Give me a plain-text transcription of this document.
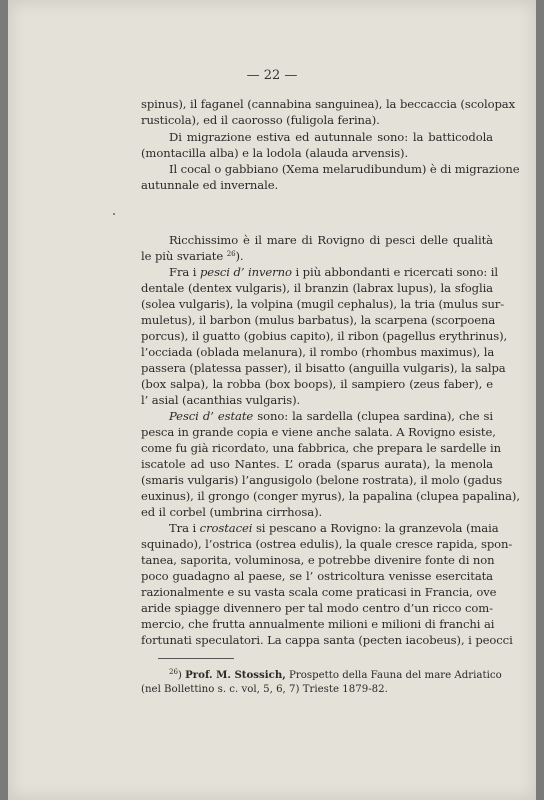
— 22 —
spinus), il faganel (cannabina sanguinea), la beccaccia (scolopax
rusticola), ed il caorosso (fuligola ferina).
Di migrazione estiva ed autunnale sono: la batticodola
(montacilla alba) e la lodola (alauda arvensis).
Il cocal o gabbiano (Xema melarudibundum) è di migrazione
autunnale ed invernale.
Ricchissimo è il mare di Rovigno di pesci delle qualità
le più svariate $^{26}$).
Fra i pesci d’ inverno i più abbondanti e ricercati sono: il
dentale (dentex vulgaris), il branzin (labrax lupus), la sfoglia
(solea vulgaris), la volpina (mugil cephalus), la tria (mulus sur-
muletus), il barbon (mulus barbatus), la scarpena (scorpoena
porcus), il guatto (gobius capito), il ribon (pagellus erythrinus),
l’occiada (oblada melanura), il rombo (rhombus maximus), la
passera (platessa passer), il bisatto (anguilla vulgaris), la salpa
(box salpa), la robba (box boops), il sampiero (zeus faber), e
l’ asial (acanthias vulgaris).
Pesci d’ estate sono: la sardella (clupea sardina), che si
pesca in grande copia e viene anche salata. A Rovigno esiste,
come fu già ricordato, una fabbrica, che prepara le sardelle in
iscatole ad uso Nantes. L’ orada (sparus aurata), la menola
(smaris vulgaris) l’angusigolo (belone rostrata), il molo (gadus
euxinus), il grongo (conger myrus), la papalina (clupea papalina),
ed il corbel (umbrina cirrhosa).
Tra i crostacei si pescano a Rovigno: la granzevola (maia
squinado), l’ostrica (ostrea edulis), la quale cresce rapida, spon-
tanea, saporita, voluminosa, e potrebbe divenire fonte di non
poco guadagno al paese, se l’ ostricoltura venisse esercitata
razionalmente e su vasta scala come praticasi in Francia, ove
aride spiagge divennero per tal modo centro d’un ricco com-
mercio, che frutta annualmente milioni e milioni di franchi ai
fortunati speculatori. La cappa santa (pecten iacobeus), i peocci
$^{26}$) Prof. M. Stossich, Prospetto della Fauna del mare Adriatico
(nel Bollettino s. c. vol, 5, 6, 7) Trieste 1879-82.
